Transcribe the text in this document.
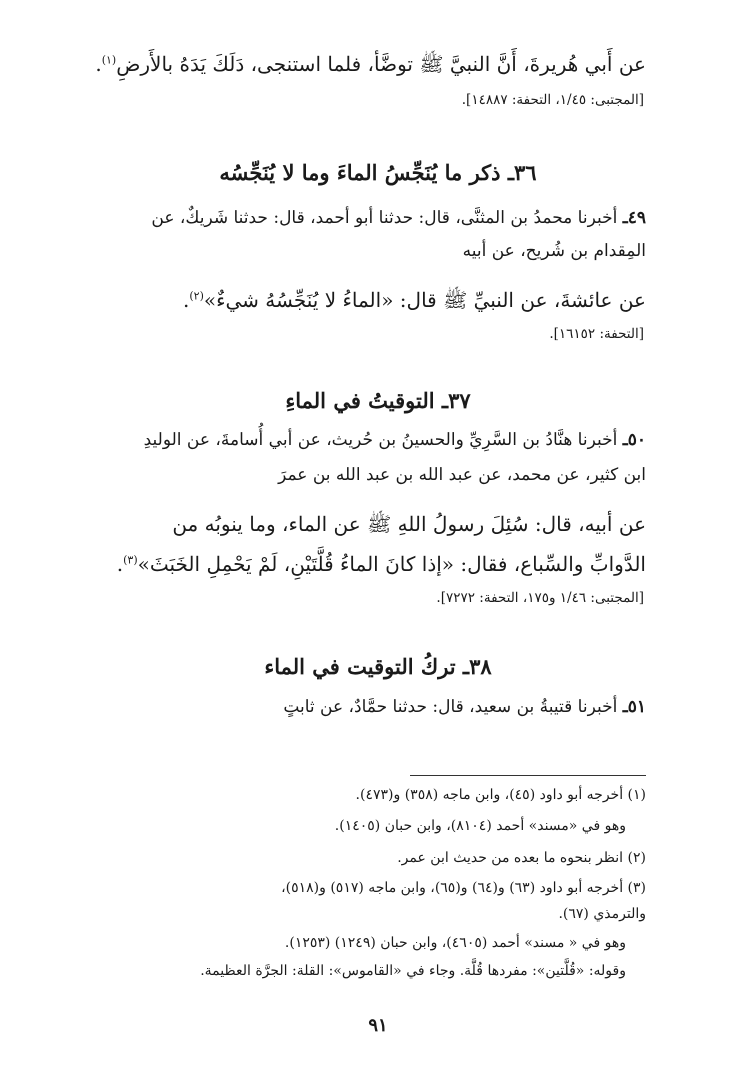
عن أَبي هُريرةَ، أَنَّ النبيَّ ﷺ توضَّأ، فلما استنجى، دَلَكَ يَدَهُ بالأَرضِ$^{(١)}$.
[المجتبى: ١/٤٥، التحفة: ١٤٨٨٧].
٣٦ـ ذكر ما يُنَجِّسُ الماءَ وما لا يُنَجِّسُه
٤٩ـ أخبرنا محمدُ بن المثنَّى، قال: حدثنا أبو أحمد، قال: حدثنا شَريكٌ، عن
المِقدام بن شُريح، عن أبيه
عن عائشةَ، عن النبيِّ ﷺ قال: «الماءُ لا يُنَجِّسُهُ شيءٌ»$^{(٢)}$.
[التحفة: ١٦١٥٢].
٣٧ـ التوقيتُ في الماءِ
٥٠ـ أخبرنا هنَّادُ بن السَّرِيِّ والحسينُ بن حُريث، عن أبي أُسامةَ، عن الوليدِ
ابن كثير، عن محمد، عن عبد الله بن عبد الله بن عمرَ
عن أبيه، قال: سُئِلَ رسولُ اللهِ ﷺ عن الماء، وما ينوبُه من
الدَّوابِّ والسِّباع، فقال: «إذا كانَ الماءُ قُلَّتَيْنِ، لَمْ يَحْمِلِ الخَبَثَ»$^{(٣)}$.
[المجتبى: ١/٤٦ و١٧٥، التحفة: ٧٢٧٢].
٣٨ـ تركُ التوقيت في الماء
٥١ـ أخبرنا قتيبةُ بن سعيد، قال: حدثنا حمَّادٌ، عن ثابتٍ
(١) أخرجه أبو داود (٤٥)، وابن ماجه (٣٥٨) و(٤٧٣).
وهو في «مسند» أحمد (٨١٠٤)، وابن حبان (١٤٠٥).
(٢) انظر بنحوه ما بعده من حديث ابن عمر.
(٣) أخرجه أبو داود (٦٣) و(٦٤) و(٦٥)، وابن ماجه (٥١٧) و(٥١٨)،
والترمذي (٦٧).
وهو في « مسند» أحمد (٤٦٠٥)، وابن حبان (١٢٤٩) (١٢٥٣).
وقوله: «قُلَّتين»: مفردها قُلَّة. وجاء في «القاموس»: القلة: الجرَّة العظيمة.
٩١
